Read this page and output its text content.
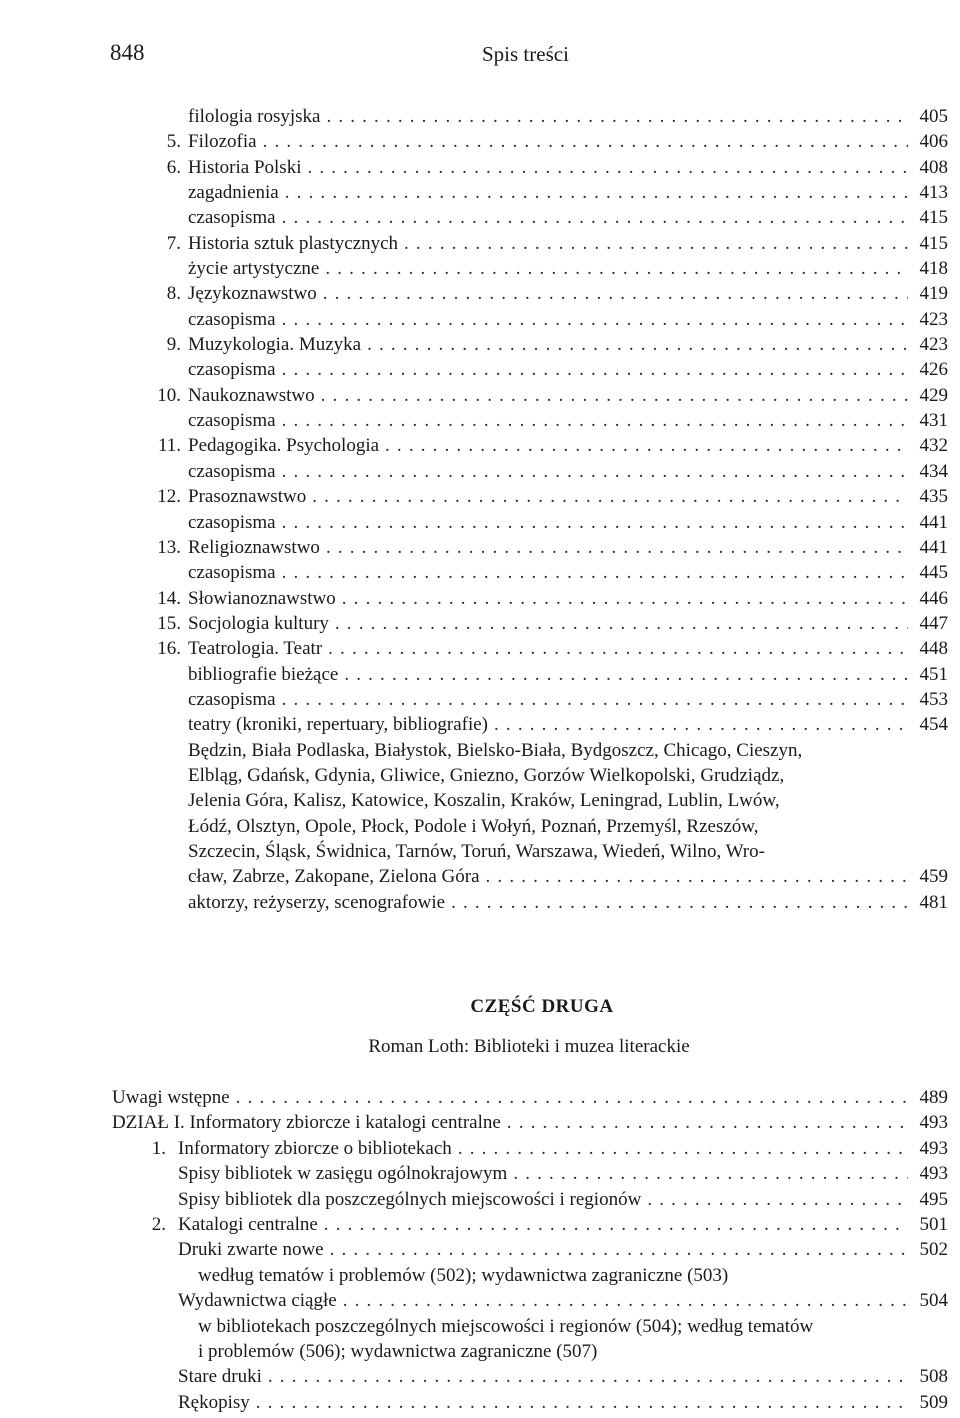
848	Spis treści
filologia rosyjska . . .	405
5. Filozofia . . .	406
6. Historia Polski . . .	408
zagadnienia . . .	413
czasopisma . . .	415
7. Historia sztuk plastycznych . . .	415
życie artystyczne . . .	418
8. Językoznawstwo . . .	419
czasopisma . . .	423
9. Muzykologia. Muzyka . . .	423
czasopisma . . .	426
10. Naukoznawstwo . . .	429
czasopisma . . .	431
11. Pedagogika. Psychologia . . .	432
czasopisma . . .	434
12. Prasoznawstwo . . .	435
czasopisma . . .	441
13. Religioznawstwo . . .	441
czasopisma . . .	445
14. Słowianoznawstwo . . .	446
15. Socjologia kultury . . .	447
16. Teatrologia. Teatr . . .	448
bibliografie bieżące . . .	451
czasopisma . . .	453
teatry (kroniki, repertuary, bibliografie) . . .	454
Będzin, Biała Podlaska, Białystok, Bielsko-Biała, Bydgoszcz, Chicago, Cieszyn,
Elbląg, Gdańsk, Gdynia, Gliwice, Gniezno, Gorzów Wielkopolski, Grudziądz,
Jelenia Góra, Kalisz, Katowice, Koszalin, Kraków, Leningrad, Lublin, Lwów,
Łódź, Olsztyn, Opole, Płock, Podole i Wołyń, Poznań, Przemyśl, Rzeszów,
Szczecin, Śląsk, Świdnica, Tarnów, Toruń, Warszawa, Wiedeń, Wilno, Wro-
cław, Zabrze, Zakopane, Zielona Góra . . .	459
aktorzy, reżyserzy, scenografowie . . .	481
CZĘŚĆ DRUGA
Roman Loth: Biblioteki i muzea literackie
Uwagi wstępne . . .	489
DZIAŁ I. Informatory zbiorcze i katalogi centralne . . .	493
1. Informatory zbiorcze o bibliotekach . . .	493
Spisy bibliotek w zasięgu ogólnokrajowym . . .	493
Spisy bibliotek dla poszczególnych miejscowości i regionów . . .	495
2. Katalogi centralne . . .	501
Druki zwarte nowe . . .	502
według tematów i problemów (502); wydawnictwa zagraniczne (503)
Wydawnictwa ciągłe . . .	504
w bibliotekach poszczególnych miejscowości i regionów (504); według tematów
i problemów (506); wydawnictwa zagraniczne (507)
Stare druki . . .	508
Rękopisy . . .	509
